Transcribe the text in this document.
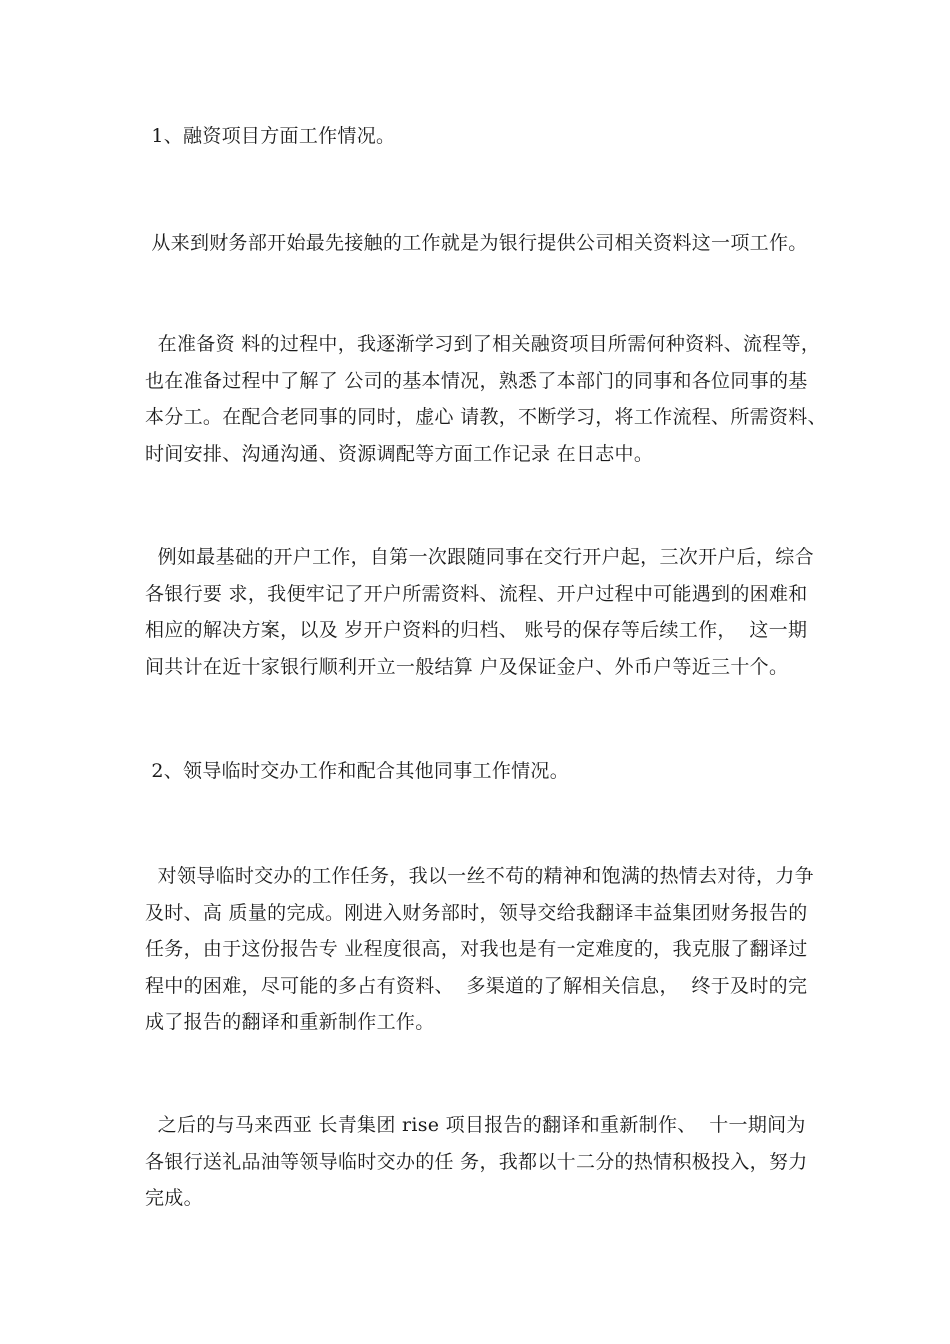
1、融资项目方面工作情况。

从来到财务部开始最先接触的工作就是为银行提供公司相关资料这一项工作。

在准备资 料的过程中，我逐渐学习到了相关融资项目所需何种资料、流程等，

也在准备过程中了解了 公司的基本情况，熟悉了本部门的同事和各位同事的基

本分工。在配合老同事的同时，虚心 请教，不断学习，将工作流程、所需资料、

时间安排、沟通沟通、资源调配等方面工作记录 在日志中。

例如最基础的开户工作，自第一次跟随同事在交行开户起，三次开户后，综合

各银行要 求，我便牢记了开户所需资料、流程、开户过程中可能遇到的困难和

相应的解决方案，以及 岁开户资料的归档、 账号的保存等后续工作，  这一期

间共计在近十家银行顺利开立一般结算 户及保证金户、外币户等近三十个。

2、领导临时交办工作和配合其他同事工作情况。

对领导临时交办的工作任务，我以一丝不苟的精神和饱满的热情去对待，力争

及时、高 质量的完成。刚进入财务部时，领导交给我翻译丰益集团财务报告的

任务，由于这份报告专 业程度很高，对我也是有一定难度的，我克服了翻译过

程中的困难，尽可能的多占有资料、  多渠道的了解相关信息，  终于及时的完

成了报告的翻译和重新制作工作。

之后的与马来西亚 长青集团 rise 项目报告的翻译和重新制作、  十一期间为

各银行送礼品油等领导临时交办的任 务，我都以十二分的热情积极投入，努力

完成。
